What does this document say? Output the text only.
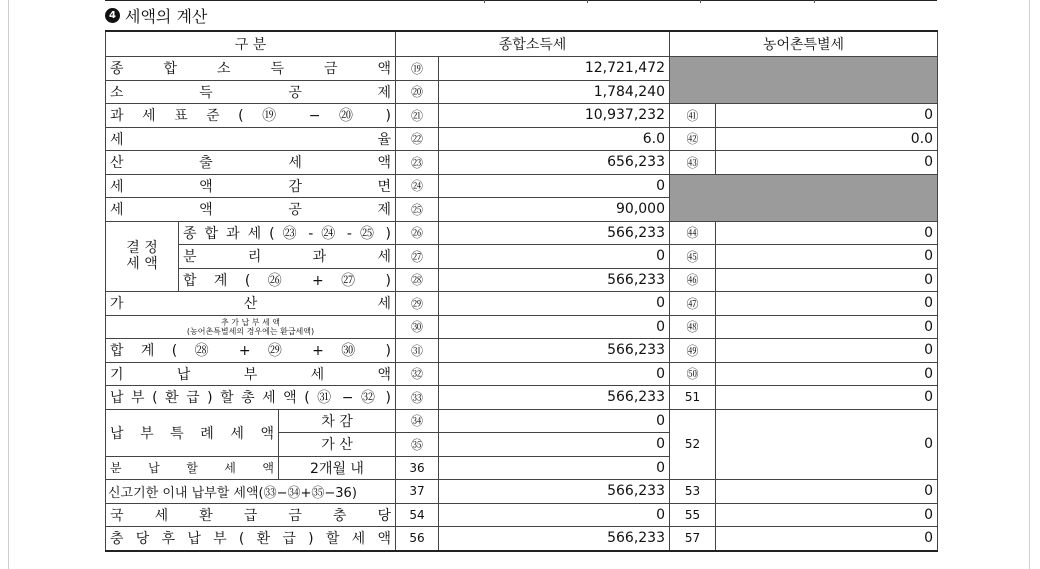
4 세액의 계산
구 분			종합소득세		농어촌특별세	
종 합 소 득 금 액			⑲	12,721,472		
소 득 공 제			⑳	1,784,240		
과 세 표 준 ( ⑲ − ⑳ )			㉑	10,937,232	㊶	0
세 율			㉒	6.0	㊷	0.0
산 출 세 액			㉓	656,233	㊸	0
세 액 감 면			㉔	0		
세 액 공 제			㉕	90,000		

결 정
세 액	종 합 과 세 ( ㉓ - ㉔ - ㉕ )		㉖	566,233	㊹	0
	분 리 과 세		㉗	0	㊺	0
	합 계 ( ㉖ + ㉗ )		㉘	566,233	㊻	0
가 산 세			㉙	0	㊼	0

추 가 납 부 세 액
(농어촌특별세의 경우에는 환급세액)			㉚	0	㊽	0
합 계 ( ㉘ + ㉙ + ㉚ )			㉛	566,233	㊾	0
기 납 부 세 액			㉜	0	㊿	0
납 부 ( 환 급 ) 할 총 세 액 ( ㉛ − ㉜ )			㉝	566,233	51	0
납 부 특 례 세 액		차 감	㉞	0	52	0
		가 산	㉟	0		
분 납 할 세 액		2개월 내	36	0		
신고기한 이내 납부할 세액(㉝−㉞+㉟−36)			37	566,233	53	0
국 세 환 급 금 충 당			54	0	55	0
충 당 후 납 부 ( 환 급 ) 할 세 액			56	566,233	57	0
